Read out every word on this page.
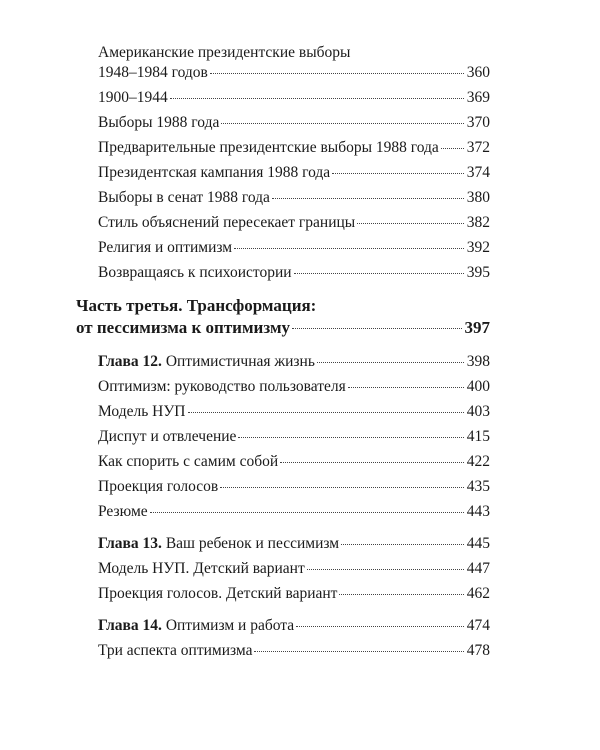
Американские президентские выборы
1948–1984 годов	360
1900–1944	369
Выборы 1988 года	370
Предварительные президентские выборы 1988 года 372
Президентская кампания 1988 года	374
Выборы в сенат 1988 года	380
Стиль объяснений пересекает границы	382
Религия и оптимизм	392
Возвращаясь к психоистории	395
Часть третья. Трансформация:
от пессимизма к оптимизму	397
Глава 12. Оптимистичная жизнь	398
Оптимизм: руководство пользователя	400
Модель НУП	403
Диспут и отвлечение	415
Как спорить с самим собой	422
Проекция голосов	435
Резюме	443
Глава 13. Ваш ребенок и пессимизм	445
Модель НУП. Детский вариант	447
Проекция голосов. Детский вариант	462
Глава 14. Оптимизм и работа	474
Три аспекта оптимизма	478
